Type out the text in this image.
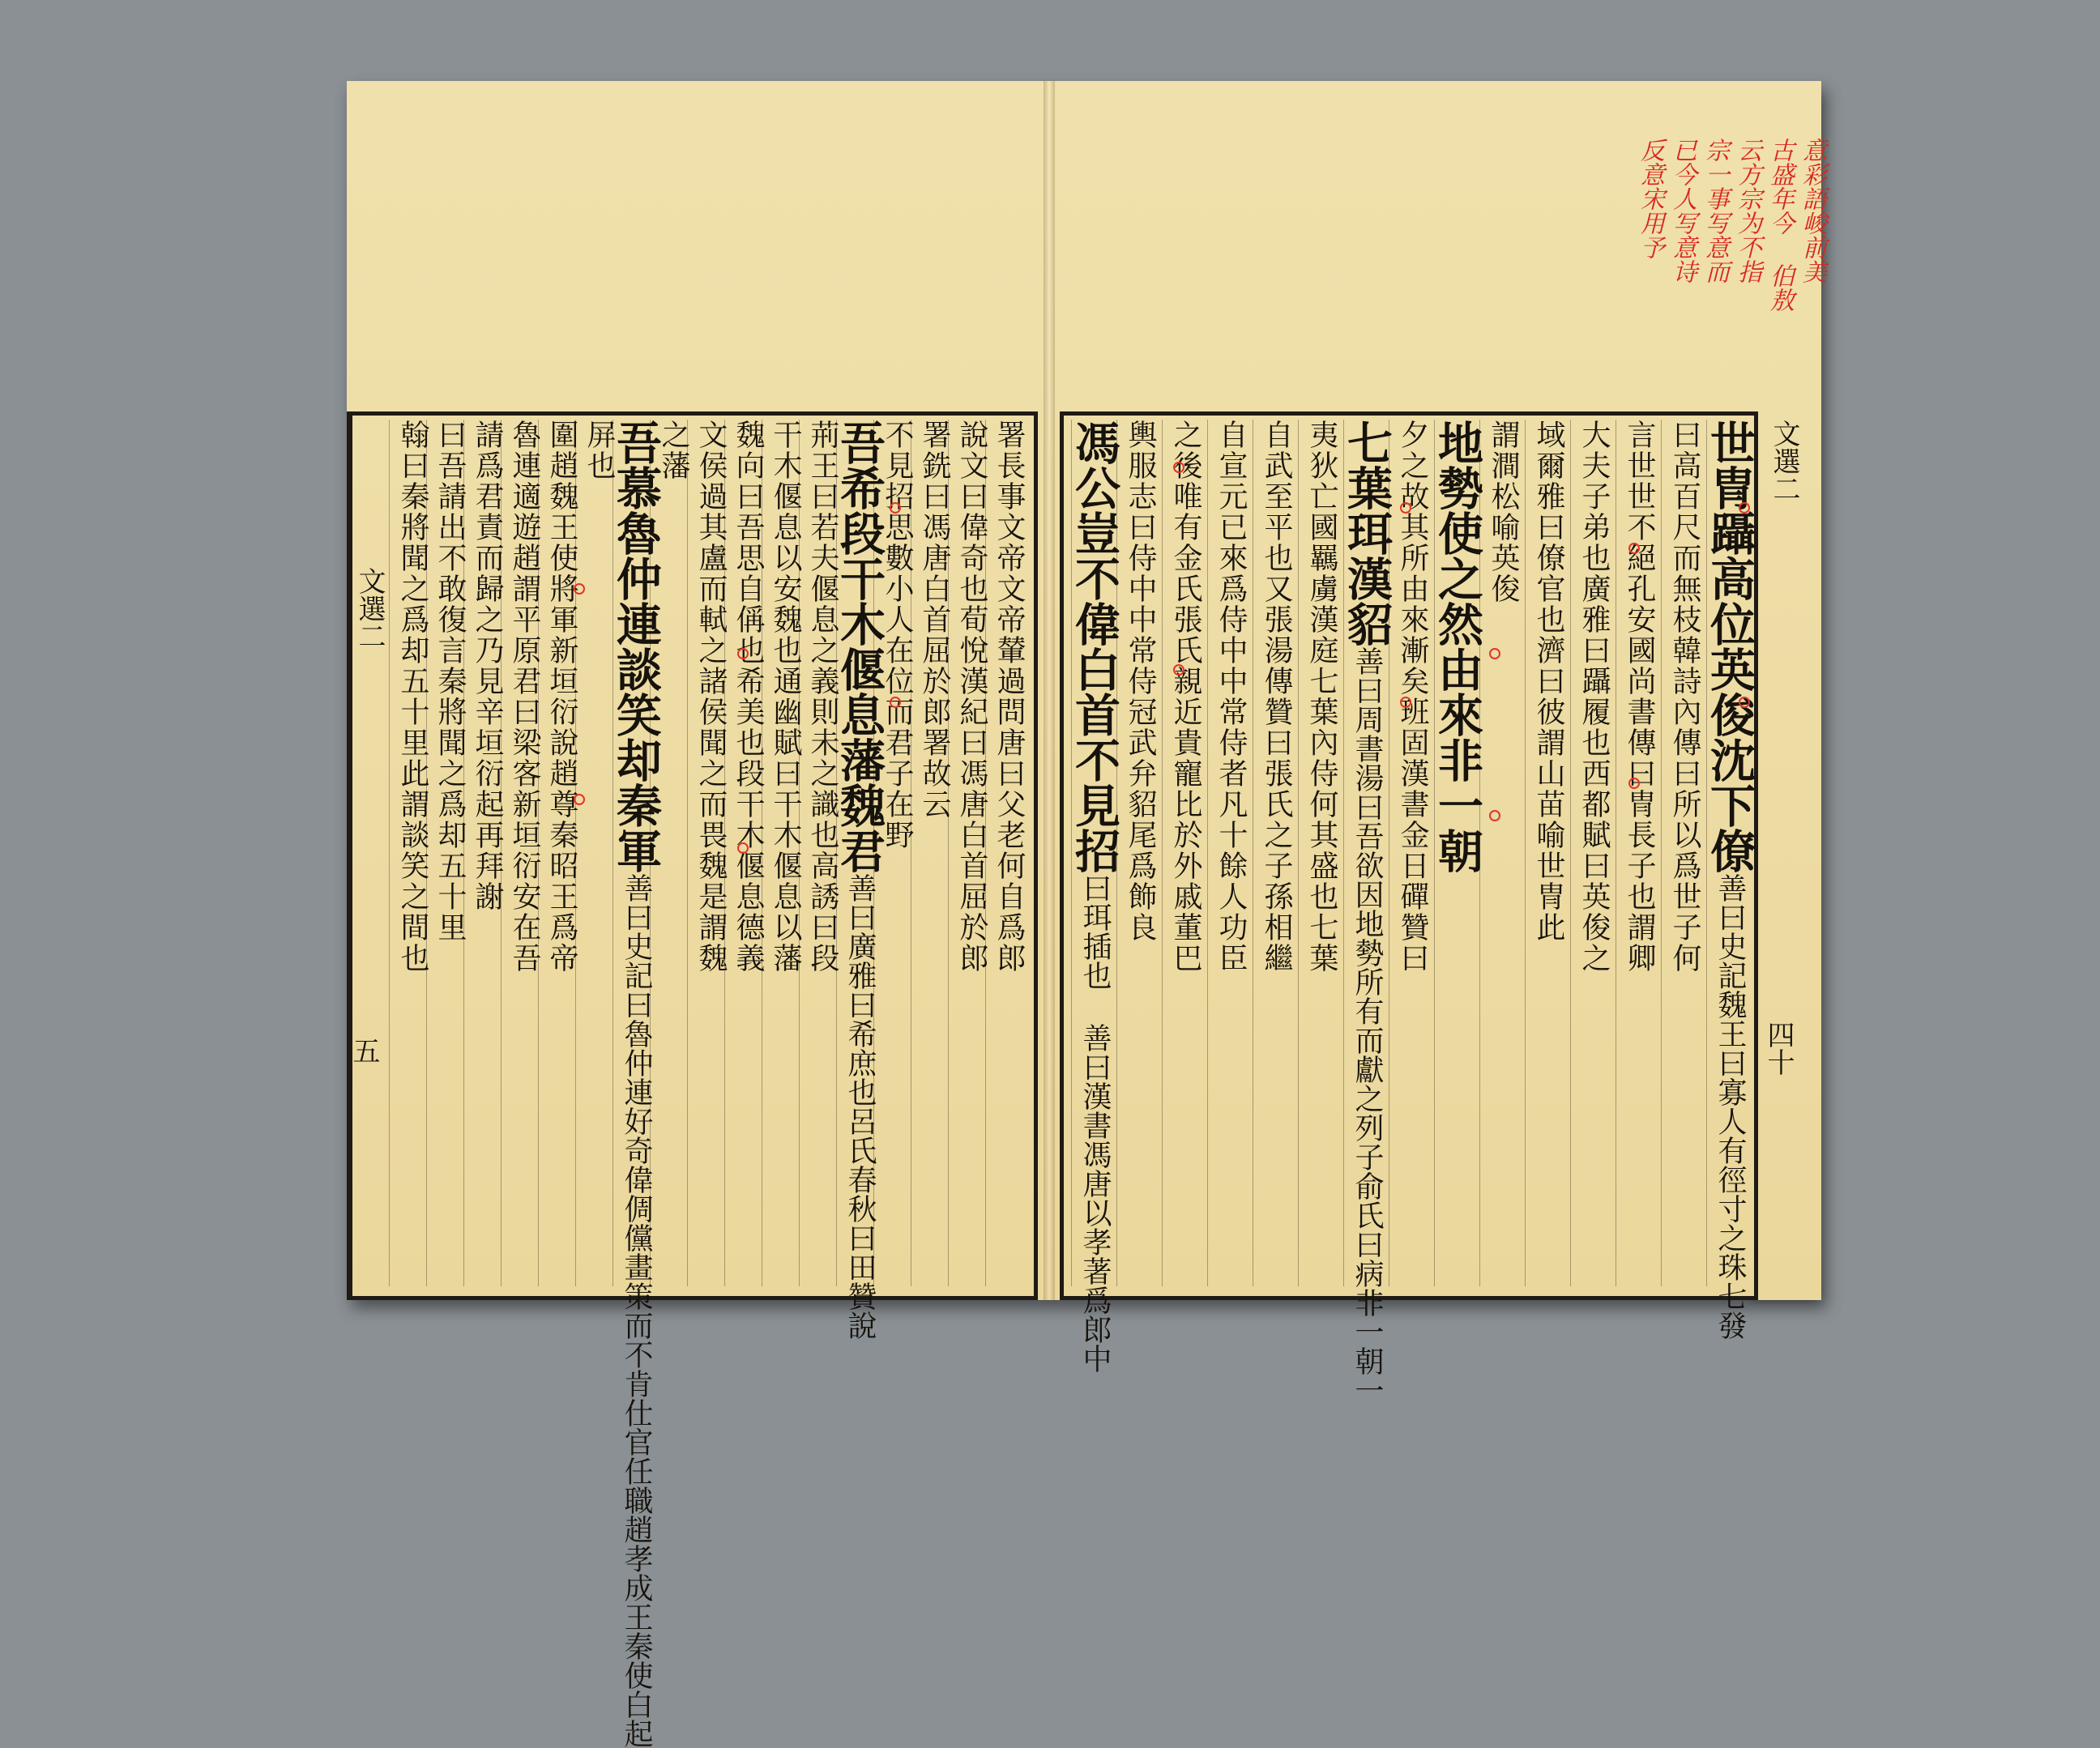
意彩語峻前美
古盛年今 伯敖
云方宗为不指
宗一事写意而
已今人写意诗
反意宋用予
世冑躡高位英俊沈下僚善曰史記魏王曰寡人有徑寸之珠七發
曰高百尺而無枝韓詩內傳曰所以爲世子何
言世世不絕孔安國尚書傳曰冑長子也謂卿
大夫子弟也廣雅曰躡履也西都賦曰英俊之
域爾雅曰僚官也濟曰彼謂山苗喻世冑此
謂澗松喻英俊
地勢使之然由來非一朝
夕之故其所由來漸矣班固漢書金日磾贊曰
七葉珥漢貂善曰周書湯曰吾欲因地勢所有而獻之列子俞氏曰病非一朝一
夷狄亡國羈虜漢庭七葉內侍何其盛也七葉
自武至平也又張湯傳贊曰張氏之子孫相繼
自宣元已來爲侍中中常侍者凡十餘人功臣
之後唯有金氏張氏親近貴寵比於外戚董巴
輿服志曰侍中中常侍冠武弁貂尾爲飾良
馮公豈不偉白首不見招曰珥插也 善曰漢書馮唐以孝著爲郎中
署長事文帝文帝輦過問唐曰父老何自爲郎
說文曰偉奇也荀悅漢紀曰馮唐白首屈於郎
署銑曰馮唐白首屈於郎署故云
不見招思數小人在位而君子在野
吾希段干木偃息藩魏君善曰廣雅曰希庶也呂氏春秋曰田贊說
荊王曰若夫偃息之義則未之識也高誘曰段
干木偃息以安魏也通幽賦曰干木偃息以藩
魏向曰吾思自偁也希美也段干木偃息德義
文侯過其盧而軾之諸侯聞之而畏魏是謂魏
之藩
吾慕魯仲連談笑却秦軍善曰史記曰魯仲連好奇偉倜儻畫策而不肯仕官任職趙孝成王秦使白起
屏也
圍趙魏王使將軍新垣衍說趙尊秦昭王爲帝
魯連適遊趙謂平原君曰梁客新垣衍安在吾
請爲君責而歸之乃見辛垣衍起再拜謝
曰吾請出不敢復言秦將聞之爲却五十里
翰曰秦將聞之爲却五十里此謂談笑之間也	文選二
四十
文選二
五
